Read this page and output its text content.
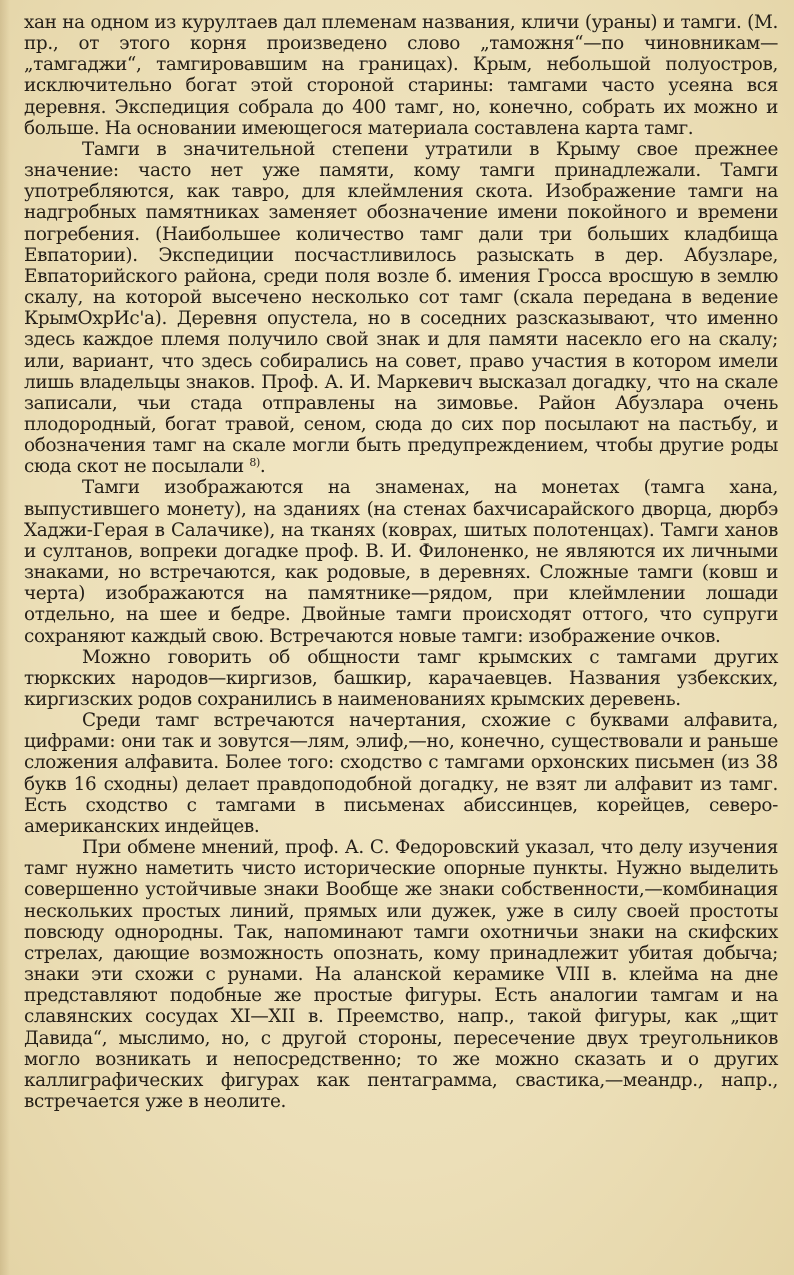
хан на одном из курултаев дал племенам названия, кличи (ураны) и тамги. (М. пр., от этого корня произведено слово „таможня“—по чиновникам—„тамгаджи“, тамгировавшим на границах). Крым, небольшой полуостров, исключительно богат этой стороной старины: тамгами часто усеяна вся деревня. Экспедиция собрала до 400 тамг, но, конечно, собрать их можно и больше. На основании имеющегося материала составлена карта тамг.

Тамги в значительной степени утратили в Крыму свое прежнее значение: часто нет уже памяти, кому тамги принадлежали. Тамги употребляются, как тавро, для клеймления скота. Изображение тамги на надгробных памятниках заменяет обозначение имени покойного и времени погребения. (Наибольшее количество тамг дали три больших кладбища Евпатории). Экспедиции посчастливилось разыскать в дер. Абузларе, Евпаторийского района, среди поля возле б. имения Гросса вросшую в землю скалу, на которой высечено несколько сот тамг (скала передана в ведение КрымОхрИс'а). Деревня опустела, но в соседних разсказывают, что именно здесь каждое племя получило свой знак и для памяти насекло его на скалу; или, вариант, что здесь собирались на совет, право участия в котором имели лишь владельцы знаков. Проф. А. И. Маркевич высказал догадку, что на скале записали, чьи стада отправлены на зимовье. Район Абузлара очень плодородный, богат травой, сеном, сюда до сих пор посылают на пастьбу, и обозначения тамг на скале могли быть предупреждением, чтобы другие роды сюда скот не посылали $^{8)}$.

Тамги изображаются на знаменах, на монетах (тамга хана, выпустившего монету), на зданиях (на стенах бахчисарайского дворца, дюрбэ Хаджи-Герая в Салачике), на тканях (коврах, шитых полотенцах). Тамги ханов и султанов, вопреки догадке проф. В. И. Филоненко, не являются их личными знаками, но встречаются, как родовые, в деревнях. Сложные тамги (ковш и черта) изображаются на памятнике—рядом, при клеймлении лошади отдельно, на шее и бедре. Двойные тамги происходят оттого, что супруги сохраняют каждый свою. Встречаются новые тамги: изображение очков.

Можно говорить об общности тамг крымских с тамгами других тюркских народов—киргизов, башкир, карачаевцев. Названия узбекских, киргизских родов сохранились в наименованиях крымских деревень.

Среди тамг встречаются начертания, схожие с буквами алфавита, цифрами: они так и зовутся—лям, элиф,—но, конечно, существовали и раньше сложения алфавита. Более того: сходство с тамгами орхонских письмен (из 38 букв 16 сходны) делает правдоподобной догадку, не взят ли алфавит из тамг. Есть сходство с тамгами в письменах абиссинцев, корейцев, северо-американских индейцев.

При обмене мнений, проф. А. С. Федоровский указал, что делу изучения тамг нужно наметить чисто исторические опорные пункты. Нужно выделить совершенно устойчивые знаки Вообще же знаки собственности,—комбинация нескольких простых линий, прямых или дужек, уже в силу своей простоты повсюду однородны. Так, напоминают тамги охотничьи знаки на скифских стрелах, дающие возможность опознать, кому принадлежит убитая добыча; знаки эти схожи с рунами. На аланской керамике VIII в. клейма на дне представляют подобные же простые фигуры. Есть аналогии тамгам и на славянских сосудах XI—XII в. Преемство, напр., такой фигуры, как „щит Давида“, мыслимо, но, с другой стороны, пересечение двух треугольников могло возникать и непосредственно; то же можно сказать и о других каллиграфических фигурах как пентаграмма, свастика,—меандр., напр., встречается уже в неолите.
